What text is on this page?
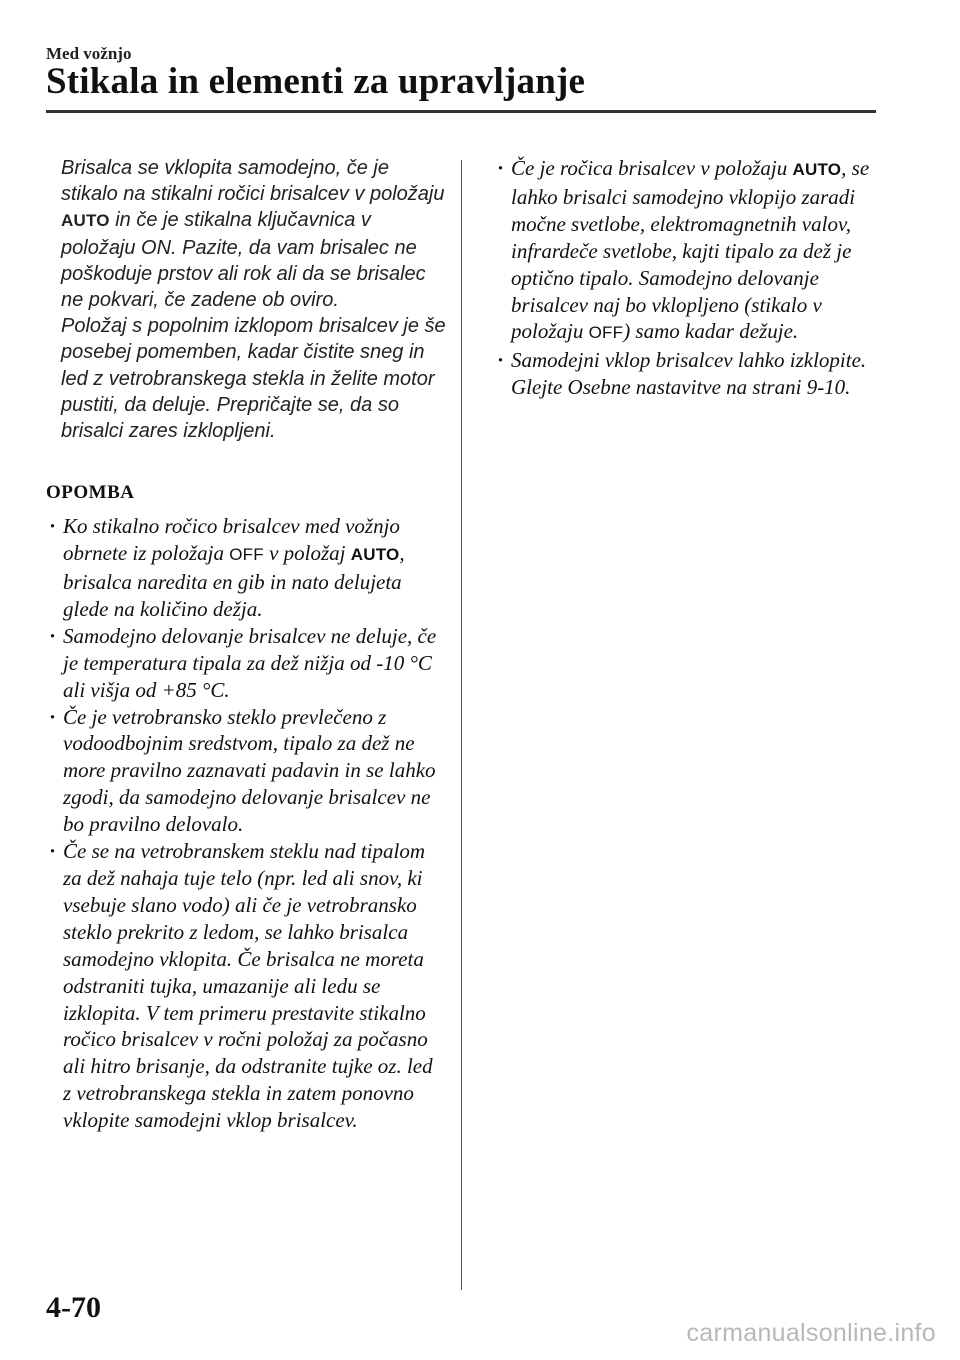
Med vožnjo
Stikala in elementi za upravljanje

Brisalca se vklopita samodejno, če je stikalo na stikalni ročici brisalcev v položaju AUTO in če je stikalna ključavnica v položaju ON. Pazite, da vam brisalec ne poškoduje prstov ali rok ali da se brisalec ne pokvari, če zadene ob oviro.

Položaj s popolnim izklopom brisalcev je še posebej pomemben, kadar čistite sneg in led z vetrobranskega stekla in želite motor pustiti, da deluje. Prepričajte se, da so brisalci zares izklopljeni.

OPOMBA
· Ko stikalno ročico brisalcev med vožnjo obrnete iz položaja OFF v položaj AUTO, brisalca naredita en gib in nato delujeta glede na količino dežja.
· Samodejno delovanje brisalcev ne deluje, če je temperatura tipala za dež nižja od -10 °C ali višja od +85 °C.
· Če je vetrobransko steklo prevlečeno z vodoodbojnim sredstvom, tipalo za dež ne more pravilno zaznavati padavin in se lahko zgodi, da samodejno delovanje brisalcev ne bo pravilno delovalo.
· Če se na vetrobranskem steklu nad tipalom za dež nahaja tuje telo (npr. led ali snov, ki vsebuje slano vodo) ali če je vetrobransko steklo prekrito z ledom, se lahko brisalca samodejno vklopita. Če brisalca ne moreta odstraniti tujka, umazanije ali ledu se izklopita. V tem primeru prestavite stikalno ročico brisalcev v ročni položaj za počasno ali hitro brisanje, da odstranite tujke oz. led z vetrobranskega stekla in zatem ponovno vklopite samodejni vklop brisalcev.
· Če je ročica brisalcev v položaju AUTO, se lahko brisalci samodejno vklopijo zaradi močne svetlobe, elektromagnetnih valov, infrardeče svetlobe, kajti tipalo za dež je optično tipalo. Samodejno delovanje brisalcev naj bo vklopljeno (stikalo v položaju OFF) samo kadar dežuje.
· Samodejni vklop brisalcev lahko izklopite.
Glejte Osebne nastavitve na strani 9-10.
4-70
carmanualsonline.info
